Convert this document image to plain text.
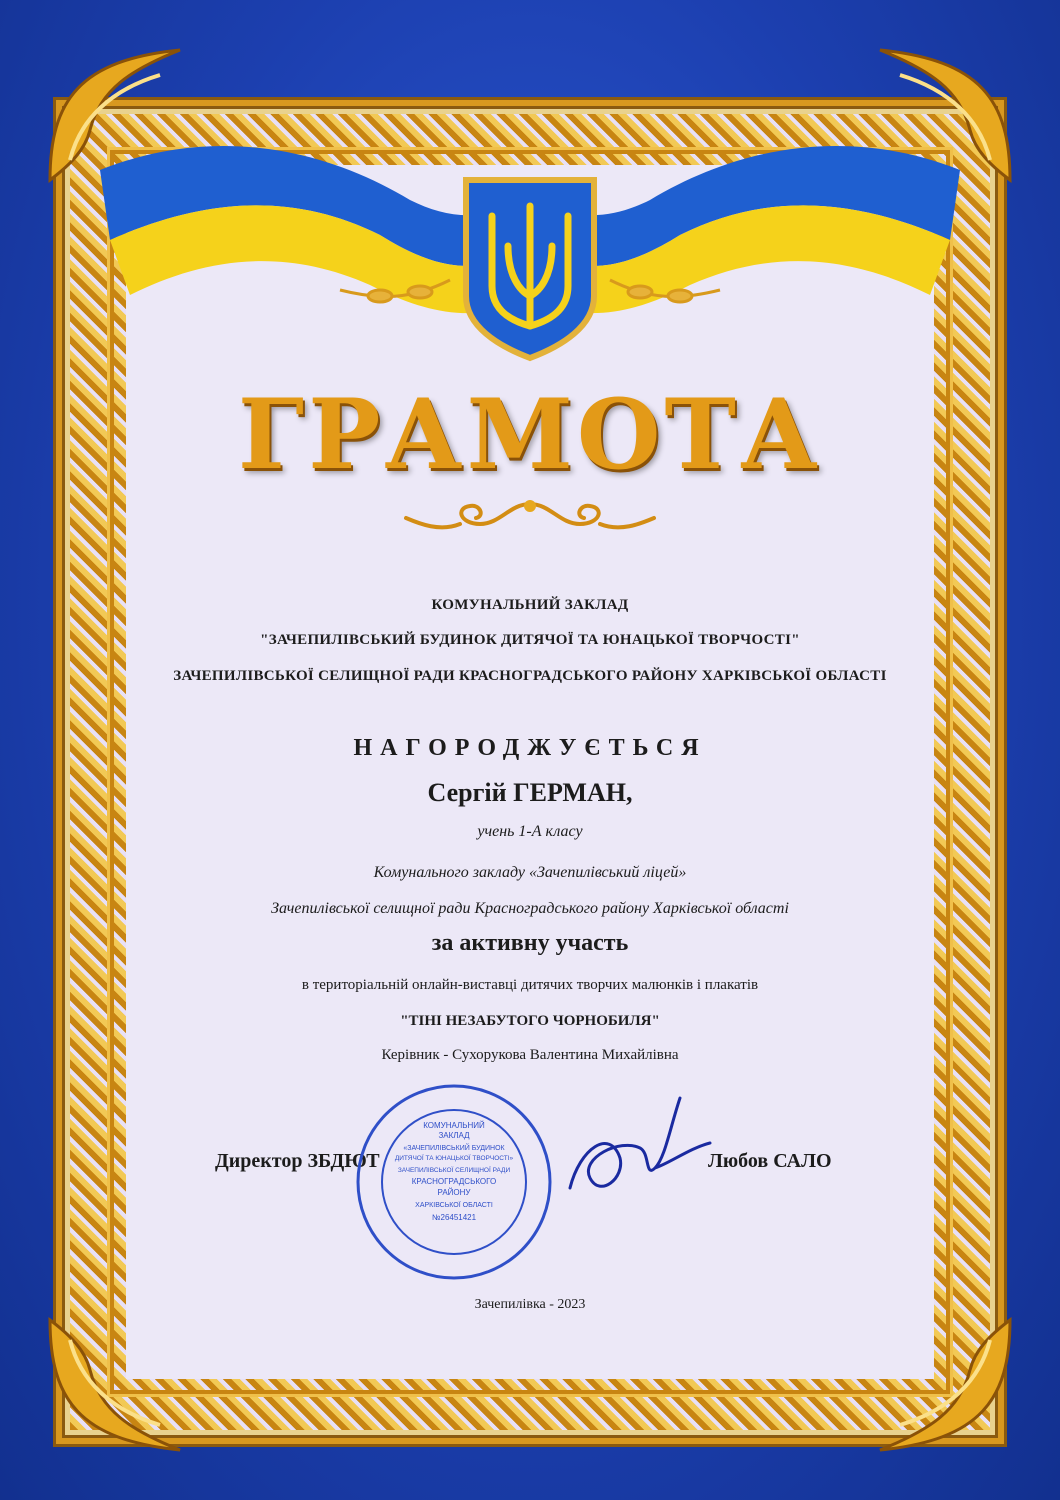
ГРАМОТА
КОМУНАЛЬНИЙ ЗАКЛАД
"ЗАЧЕПИЛІВСЬКИЙ БУДИНОК ДИТЯЧОЇ ТА ЮНАЦЬКОЇ ТВОРЧОСТІ"
ЗАЧЕПИЛІВСЬКОЇ СЕЛИЩНОЇ РАДИ КРАСНОГРАДСЬКОГО РАЙОНУ ХАРКІВСЬКОЇ ОБЛАСТІ
НАГОРОДЖУЄТЬСЯ
Сергій ГЕРМАН,
учень 1-А класу
Комунального закладу «Зачепилівський ліцей»
Зачепилівської селищної ради Красноградського району Харківської області
за активну участь
в територіальній онлайн-виставці дитячих творчих малюнків і плакатів
"ТІНІ НЕЗАБУТОГО ЧОРНОБИЛЯ"
Керівник - Сухорукова Валентина Михайлівна
Директор ЗБДЮТ	Любов САЛО
КОМУНАЛЬНИЙ
ЗАКЛАД
«ЗАЧЕПИЛІВСЬКИЙ БУДИНОК
ДИТЯЧОЇ ТА ЮНАЦЬКОЇ ТВОРЧОСТІ»
ЗАЧЕПИЛІВСЬКОЇ СЕЛИЩНОЇ РАДИ
КРАСНОГРАДСЬКОГО
РАЙОНУ
ХАРКІВСЬКОЇ ОБЛАСТІ
№26451421
Зачепилівка - 2023
